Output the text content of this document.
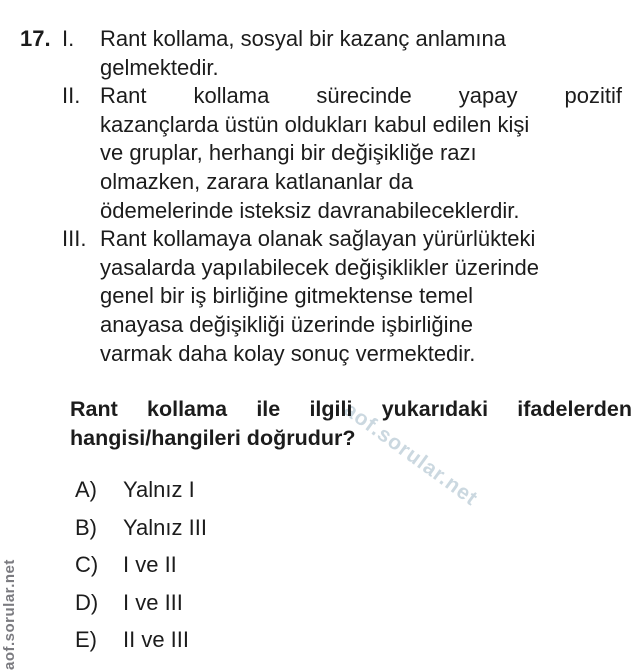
aof.sorular.net
aof.sorular.net
17. I.
II.
III.
Rant kollama, sosyal bir kazanç anlamına
gelmektedir.
Rant kollama sürecinde yapay pozitif
kazançlarda üstün oldukları kabul edilen kişi
ve gruplar, herhangi bir değişikliğe razı
olmazken, zarara katlananlar da
ödemelerinde isteksiz davranabileceklerdir.
Rant kollamaya olanak sağlayan yürürlükteki
yasalarda yapılabilecek değişiklikler üzerinde
genel bir iş birliğine gitmektense temel
anayasa değişikliği üzerinde işbirliğine
varmak daha kolay sonuç vermektedir.
Rant kollama ile ilgili yukarıdaki ifadelerden
hangisi/hangileri doğrudur?
A)	Yalnız I
B)	Yalnız III
C)	I ve II
D)	I ve III
E)	II ve III
